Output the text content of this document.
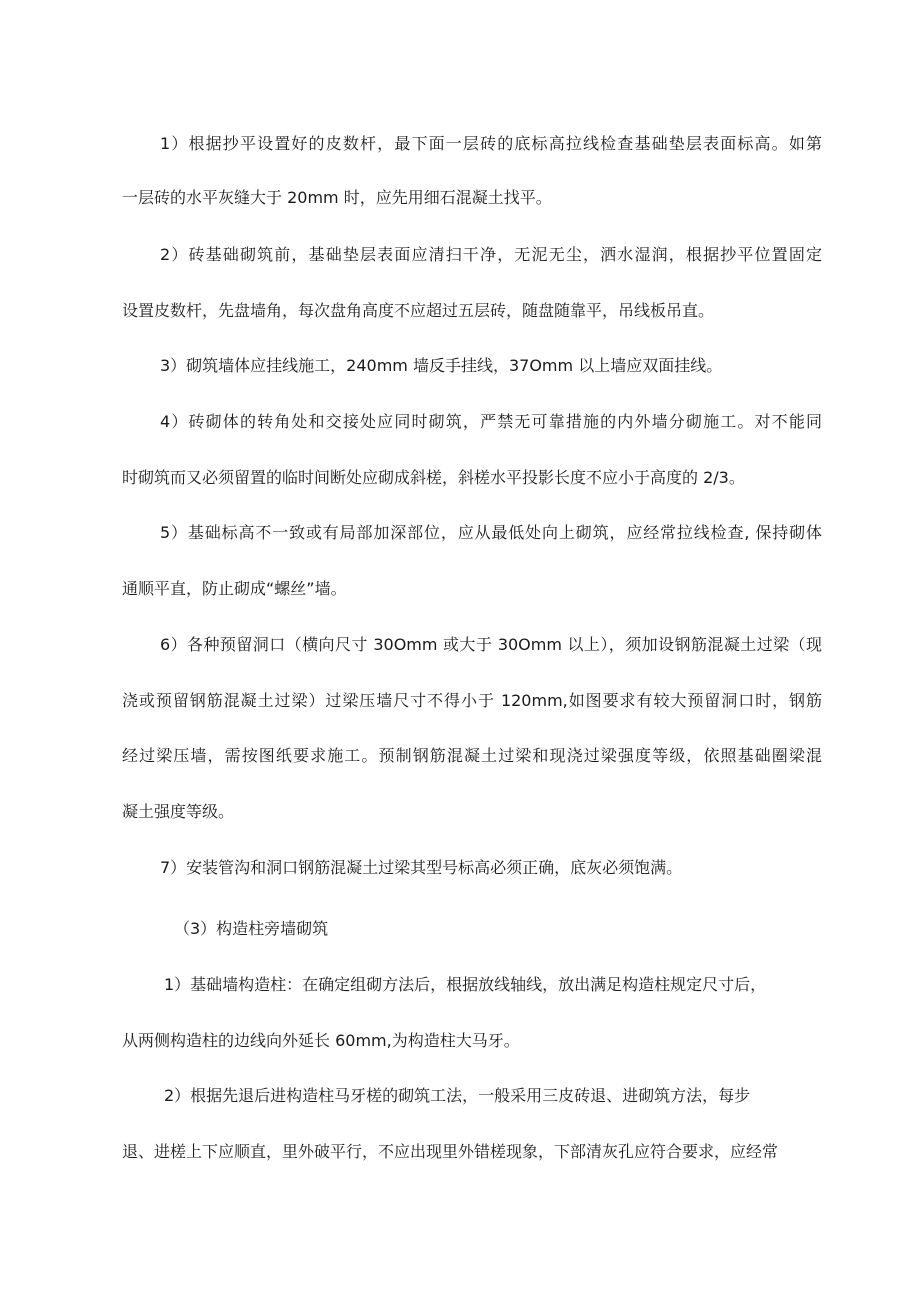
1）根据抄平设置好的皮数杆，最下面一层砖的底标高拉线检查基础垫层表面标高。如第
一层砖的水平灰缝大于 20mm 时，应先用细石混凝土找平。
2）砖基础砌筑前，基础垫层表面应清扫干净，无泥无尘，洒水湿润，根据抄平位置固定
设置皮数杆，先盘墙角，每次盘角高度不应超过五层砖，随盘随靠平，吊线板吊直。
3）砌筑墙体应挂线施工，240mm 墙反手挂线，37Omm 以上墙应双面挂线。
4）砖砌体的转角处和交接处应同时砌筑，严禁无可靠措施的内外墙分砌施工。对不能同
时砌筑而又必须留置的临时间断处应砌成斜槎，斜槎水平投影长度不应小于高度的 2/3。
5）基础标高不一致或有局部加深部位，应从最低处向上砌筑，应经常拉线检查, 保持砌体
通顺平直，防止砌成“螺丝”墙。
6）各种预留洞口（横向尺寸 30Omm 或大于 30Omm 以上），须加设钢筋混凝土过梁（现
浇或预留钢筋混凝土过梁）过梁压墙尺寸不得小于 120mm,如图要求有较大预留洞口时，钢筋
经过梁压墙，需按图纸要求施工。预制钢筋混凝土过梁和现浇过梁强度等级，依照基础圈梁混
凝土强度等级。
7）安装管沟和洞口钢筋混凝土过梁其型号标高必须正确，底灰必须饱满。
（3）构造柱旁墙砌筑
1）基础墙构造柱：在确定组砌方法后，根据放线轴线，放出满足构造柱规定尺寸后，
从两侧构造柱的边线向外延长 60mm,为构造柱大马牙。
2）根据先退后进构造柱马牙槎的砌筑工法，一般采用三皮砖退、进砌筑方法，每步
退、进槎上下应顺直，里外破平行，不应出现里外错槎现象，下部清灰孔应符合要求，应经常
